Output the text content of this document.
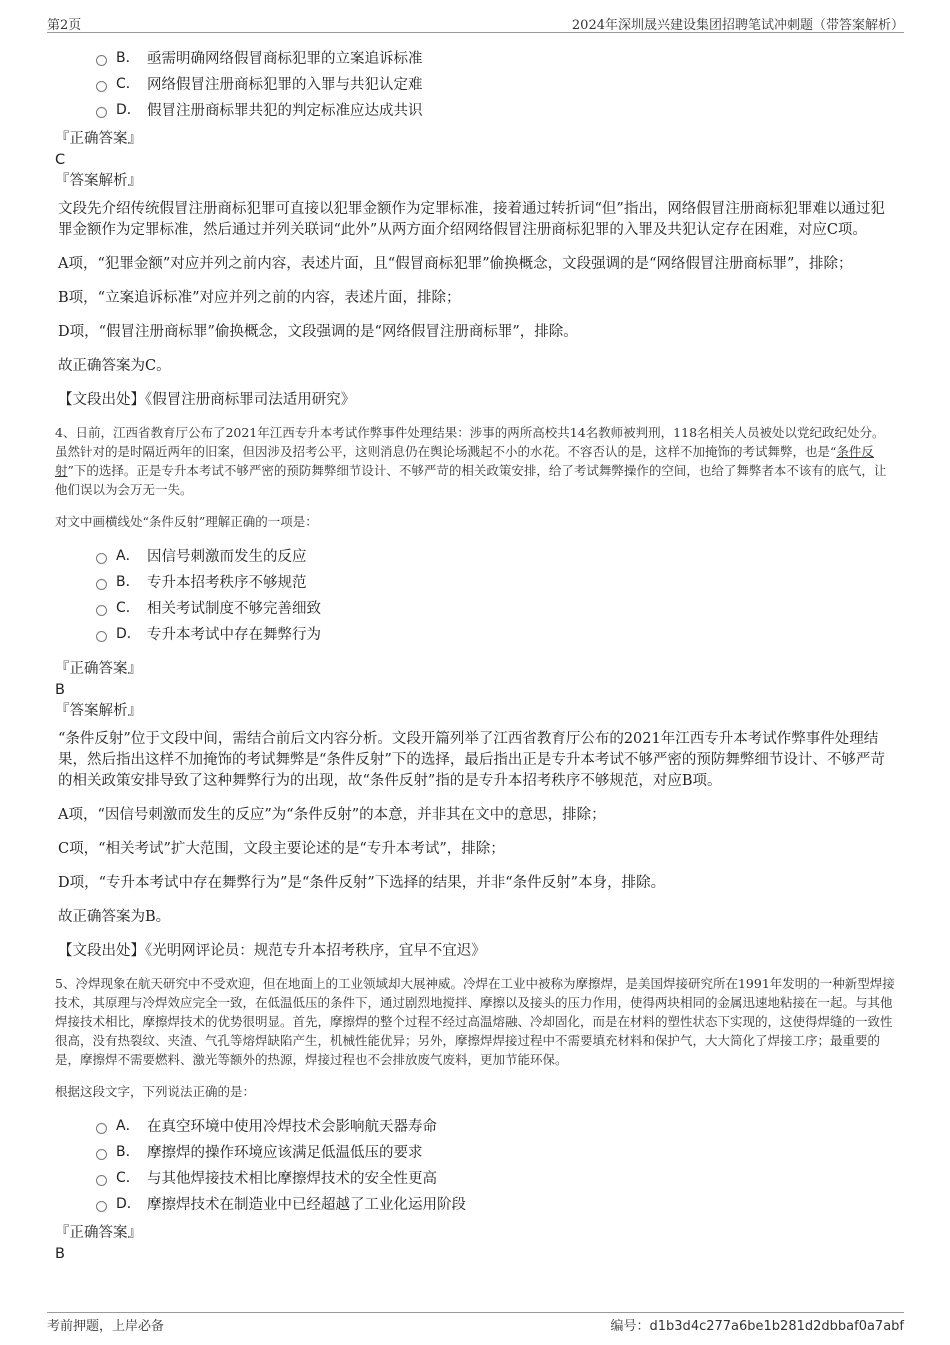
第2页	2024年深圳晟兴建设集团招聘笔试冲刺题（带答案解析）
B． 亟需明确网络假冒商标犯罪的立案追诉标准
C． 网络假冒注册商标犯罪的入罪与共犯认定难
D． 假冒注册商标罪共犯的判定标准应达成共识
『正确答案』
C
『答案解析』
文段先介绍传统假冒注册商标犯罪可直接以犯罪金额作为定罪标准，接着通过转折词“但”指出，网络假冒注册商标犯罪难以通过犯罪金额作为定罪标准，然后通过并列关联词“此外”从两方面介绍网络假冒注册商标犯罪的入罪及共犯认定存在困难，对应C项。
A项，“犯罪金额”对应并列之前内容，表述片面，且“假冒商标犯罪”偷换概念，文段强调的是“网络假冒注册商标罪”，排除；
B项，“立案追诉标准”对应并列之前的内容，表述片面，排除；
D项，“假冒注册商标罪”偷换概念，文段强调的是“网络假冒注册商标罪”，排除。
故正确答案为C。
【文段出处】《假冒注册商标罪司法适用研究》
4、日前，江西省教育厅公布了2021年江西专升本考试作弊事件处理结果：涉事的两所高校共14名教师被判刑，118名相关人员被处以党纪政纪处分。虽然针对的是时隔近两年的旧案，但因涉及招考公平，这则消息仍在舆论场溅起不小的水花。不容否认的是，这样不加掩饰的考试舞弊，也是“条件反射”下的选择。正是专升本考试不够严密的预防舞弊细节设计、不够严苛的相关政策安排，给了考试舞弊操作的空间，也给了舞弊者本不该有的底气，让他们误以为会万无一失。
对文中画横线处“条件反射”理解正确的一项是：
A． 因信号刺激而发生的反应
B． 专升本招考秩序不够规范
C． 相关考试制度不够完善细致
D． 专升本考试中存在舞弊行为
『正确答案』
B
『答案解析』
“条件反射”位于文段中间，需结合前后文内容分析。文段开篇列举了江西省教育厅公布的2021年江西专升本考试作弊事件处理结果，然后指出这样不加掩饰的考试舞弊是“条件反射”下的选择，最后指出正是专升本考试不够严密的预防舞弊细节设计、不够严苛的相关政策安排导致了这种舞弊行为的出现，故“条件反射”指的是专升本招考秩序不够规范，对应B项。
A项，“因信号刺激而发生的反应”为“条件反射”的本意，并非其在文中的意思，排除；
C项，“相关考试”扩大范围，文段主要论述的是“专升本考试”，排除；
D项，“专升本考试中存在舞弊行为”是“条件反射”下选择的结果，并非“条件反射”本身，排除。
故正确答案为B。
【文段出处】《光明网评论员：规范专升本招考秩序，宜早不宜迟》
5、冷焊现象在航天研究中不受欢迎，但在地面上的工业领域却大展神威。冷焊在工业中被称为摩擦焊，是美国焊接研究所在1991年发明的一种新型焊接技术，其原理与冷焊效应完全一致，在低温低压的条件下，通过剧烈地搅拌、摩擦以及接头的压力作用，使得两块相同的金属迅速地粘接在一起。与其他焊接技术相比，摩擦焊技术的优势很明显。首先，摩擦焊的整个过程不经过高温熔融、冷却固化，而是在材料的塑性状态下实现的，这使得焊缝的一致性很高，没有热裂纹、夹渣、气孔等熔焊缺陷产生，机械性能优异；另外，摩擦焊焊接过程中不需要填充材料和保护气，大大简化了焊接工序；最重要的是，摩擦焊不需要燃料、激光等额外的热源，焊接过程也不会排放废气废料，更加节能环保。
根据这段文字，下列说法正确的是：
A． 在真空环境中使用冷焊技术会影响航天器寿命
B． 摩擦焊的操作环境应该满足低温低压的要求
C． 与其他焊接技术相比摩擦焊技术的安全性更高
D． 摩擦焊技术在制造业中已经超越了工业化运用阶段
『正确答案』
B
考前押题，上岸必备	编号：d1b3d4c277a6be1b281d2dbbaf0a7abf
